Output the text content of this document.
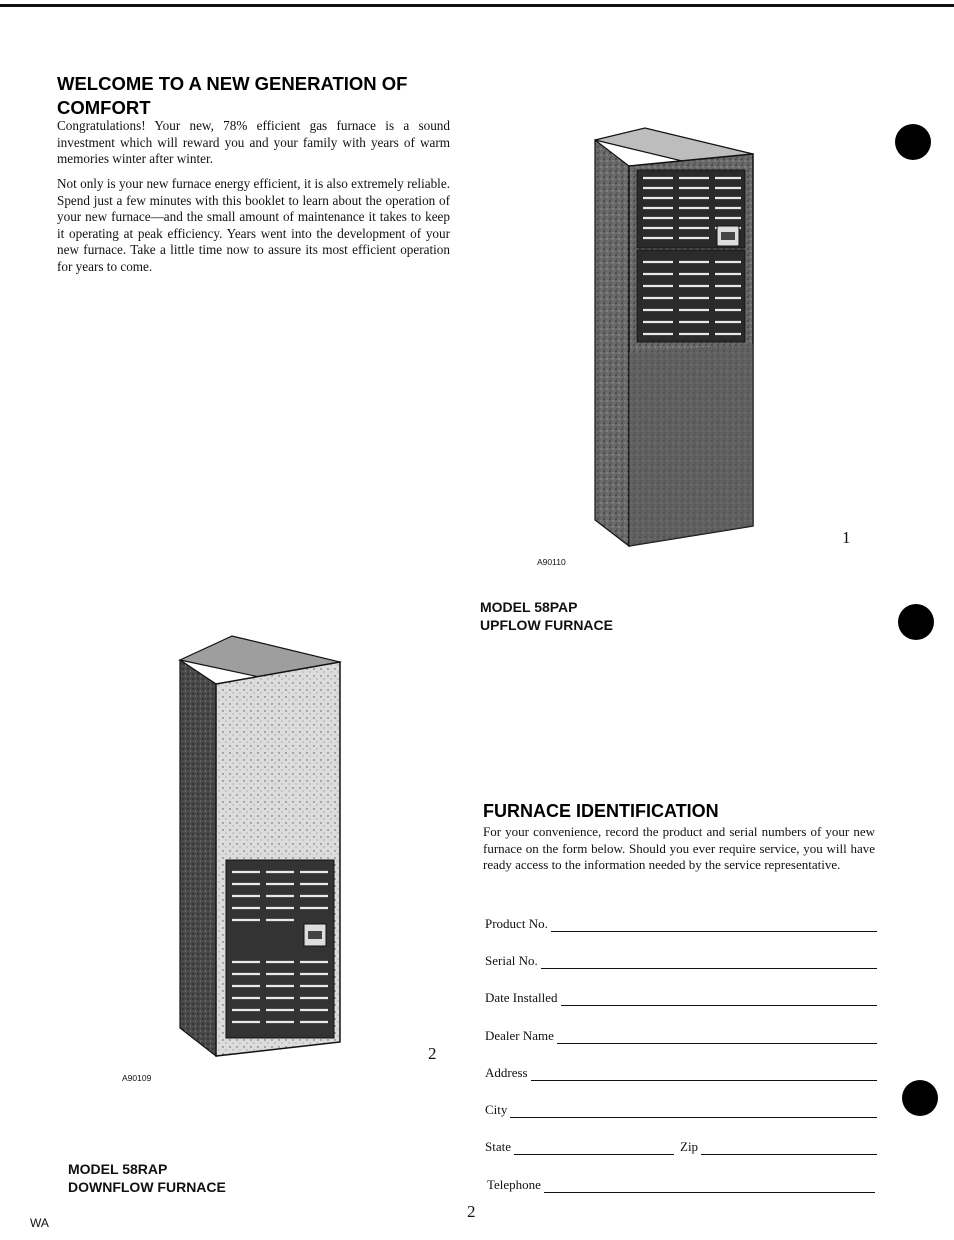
WELCOME TO A NEW GENERATION OF COMFORT

Congratulations! Your new, 78% efficient gas furnace is a sound investment which will reward you and your family with years of warm memories winter after winter.

Not only is your new furnace energy efficient, it is also extremely reliable. Spend just a few minutes with this booklet to learn about the operation of your new furnace—and the small amount of maintenance it takes to keep it operating at peak efficiency. Years went into the development of your new furnace. Take a little time now to assure its most efficient operation for years to come.

1
A90110
MODEL 58PAP
UPFLOW FURNACE
2
A90109
MODEL 58RAP
DOWNFLOW FURNACE
FURNACE IDENTIFICATION

For your convenience, record the product and serial numbers of your new furnace on the form below. Should you ever require service, you will have ready access to the information needed by the service representative.

Product No.
Serial No.
Date Installed
Dealer Name
Address
City
State	Zip
Telephone
WA
2
